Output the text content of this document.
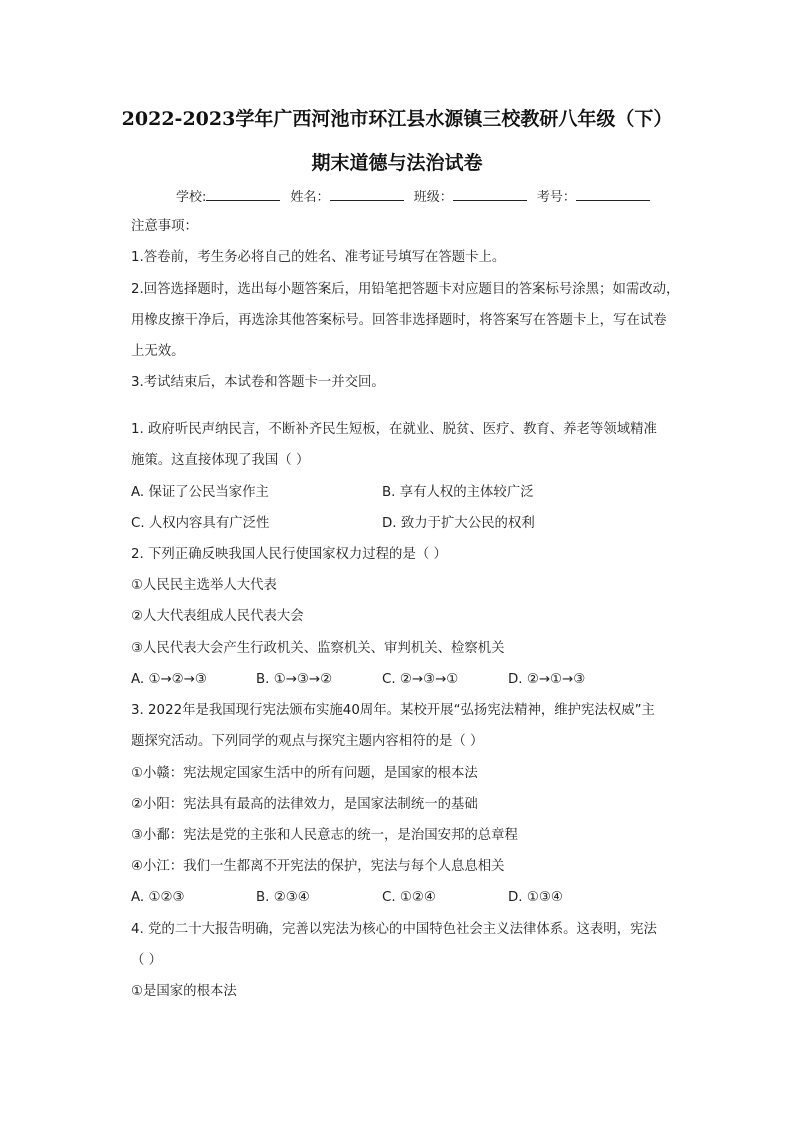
2022-2023学年广西河池市环江县水源镇三校教研八年级（下）
期末道德与法治试卷
学校:	姓名：	班级：	考号：
注意事项：
1.答卷前，考生务必将自己的姓名、准考证号填写在答题卡上。
2.回答选择题时，选出每小题答案后，用铅笔把答题卡对应题目的答案标号涂黑；如需改动，
用橡皮擦干净后，再选涂其他答案标号。回答非选择题时，将答案写在答题卡上，写在试卷
上无效。
3.考试结束后，本试卷和答题卡一并交回。
1. 政府听民声纳民言，不断补齐民生短板，在就业、脱贫、医疗、教育、养老等领域精准
施策。这直接体现了我国（ ）
A. 保证了公民当家作主	B. 享有人权的主体较广泛
C. 人权内容具有广泛性	D. 致力于扩大公民的权利
2. 下列正确反映我国人民行使国家权力过程的是（ ）
①人民民主选举人大代表
②人大代表组成人民代表大会
③人民代表大会产生行政机关、监察机关、审判机关、检察机关
A. ①→②→③	B. ①→③→②	C. ②→③→①	D. ②→①→③
3. 2022年是我国现行宪法颁布实施40周年。某校开展“弘扬宪法精神，维护宪法权威”主
题探究活动。下列同学的观点与探究主题内容相符的是（ ）
①小赣：宪法规定国家生活中的所有问题，是国家的根本法
②小阳：宪法具有最高的法律效力，是国家法制统一的基础
③小鄱：宪法是党的主张和人民意志的统一，是治国安邦的总章程
④小江：我们一生都离不开宪法的保护，宪法与每个人息息相关
A. ①②③	B. ②③④	C. ①②④	D. ①③④
4. 党的二十大报告明确，完善以宪法为核心的中国特色社会主义法律体系。这表明，宪法
（ ）
①是国家的根本法
